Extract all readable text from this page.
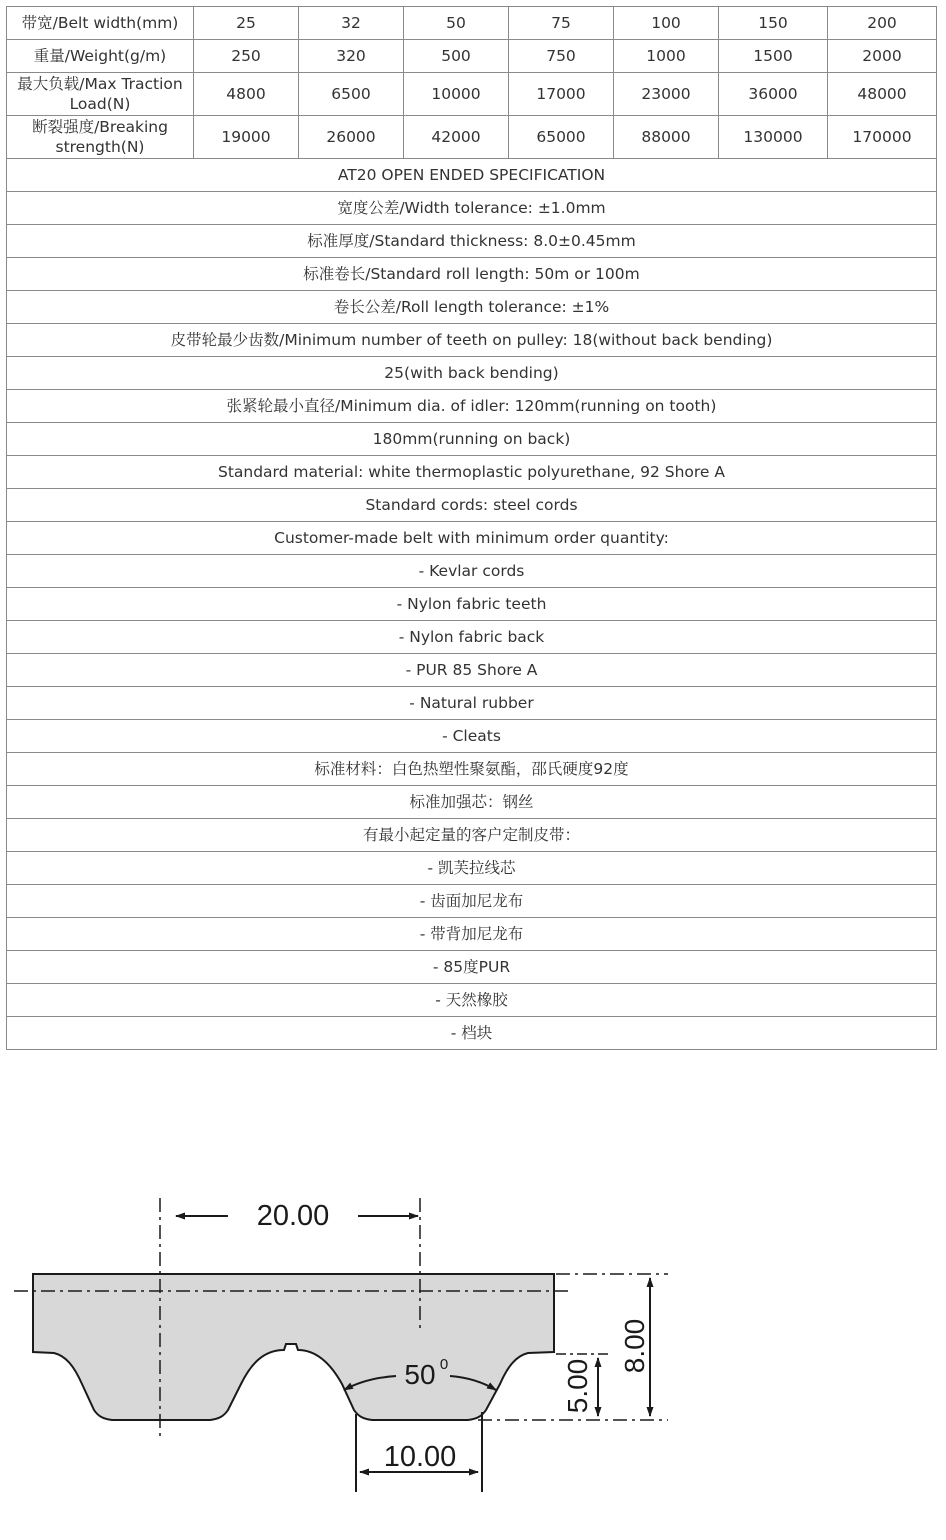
带宽/Belt width(mm)	25	32	50	75	100	150	200
重量/Weight(g/m)	250	320	500	750	1000	1500	2000
最大负载/Max Traction Load(N)	4800	6500	10000	17000	23000	36000	48000
断裂强度/Breaking strength(N)	19000	26000	42000	65000	88000	130000	170000
AT20 OPEN ENDED SPECIFICATION							
宽度公差/Width tolerance: ±1.0mm							
标准厚度/Standard thickness: 8.0±0.45mm							
标准卷长/Standard roll length: 50m or 100m							
卷长公差/Roll length tolerance: ±1%							
皮带轮最少齿数/Minimum number of teeth on pulley: 18(without back bending)							
25(with back bending)							
张紧轮最小直径/Minimum dia. of idler: 120mm(running on tooth)							
180mm(running on back)							
Standard material: white thermoplastic polyurethane, 92 Shore A							
Standard cords: steel cords							
Customer-made belt with minimum order quantity:							
- Kevlar cords							
- Nylon fabric teeth							
- Nylon fabric back							
- PUR 85 Shore A							
- Natural rubber							
- Cleats							
标准材料：白色热塑性聚氨酯，邵氏硬度92度							
标准加强芯：钢丝							
有最小起定量的客户定制皮带：							
- 凯芙拉线芯							
- 齿面加尼龙布							
- 带背加尼龙布							
- 85度PUR							
- 天然橡胶							
- 档块							
20.00
8.00
5.00
50 0
10.00
